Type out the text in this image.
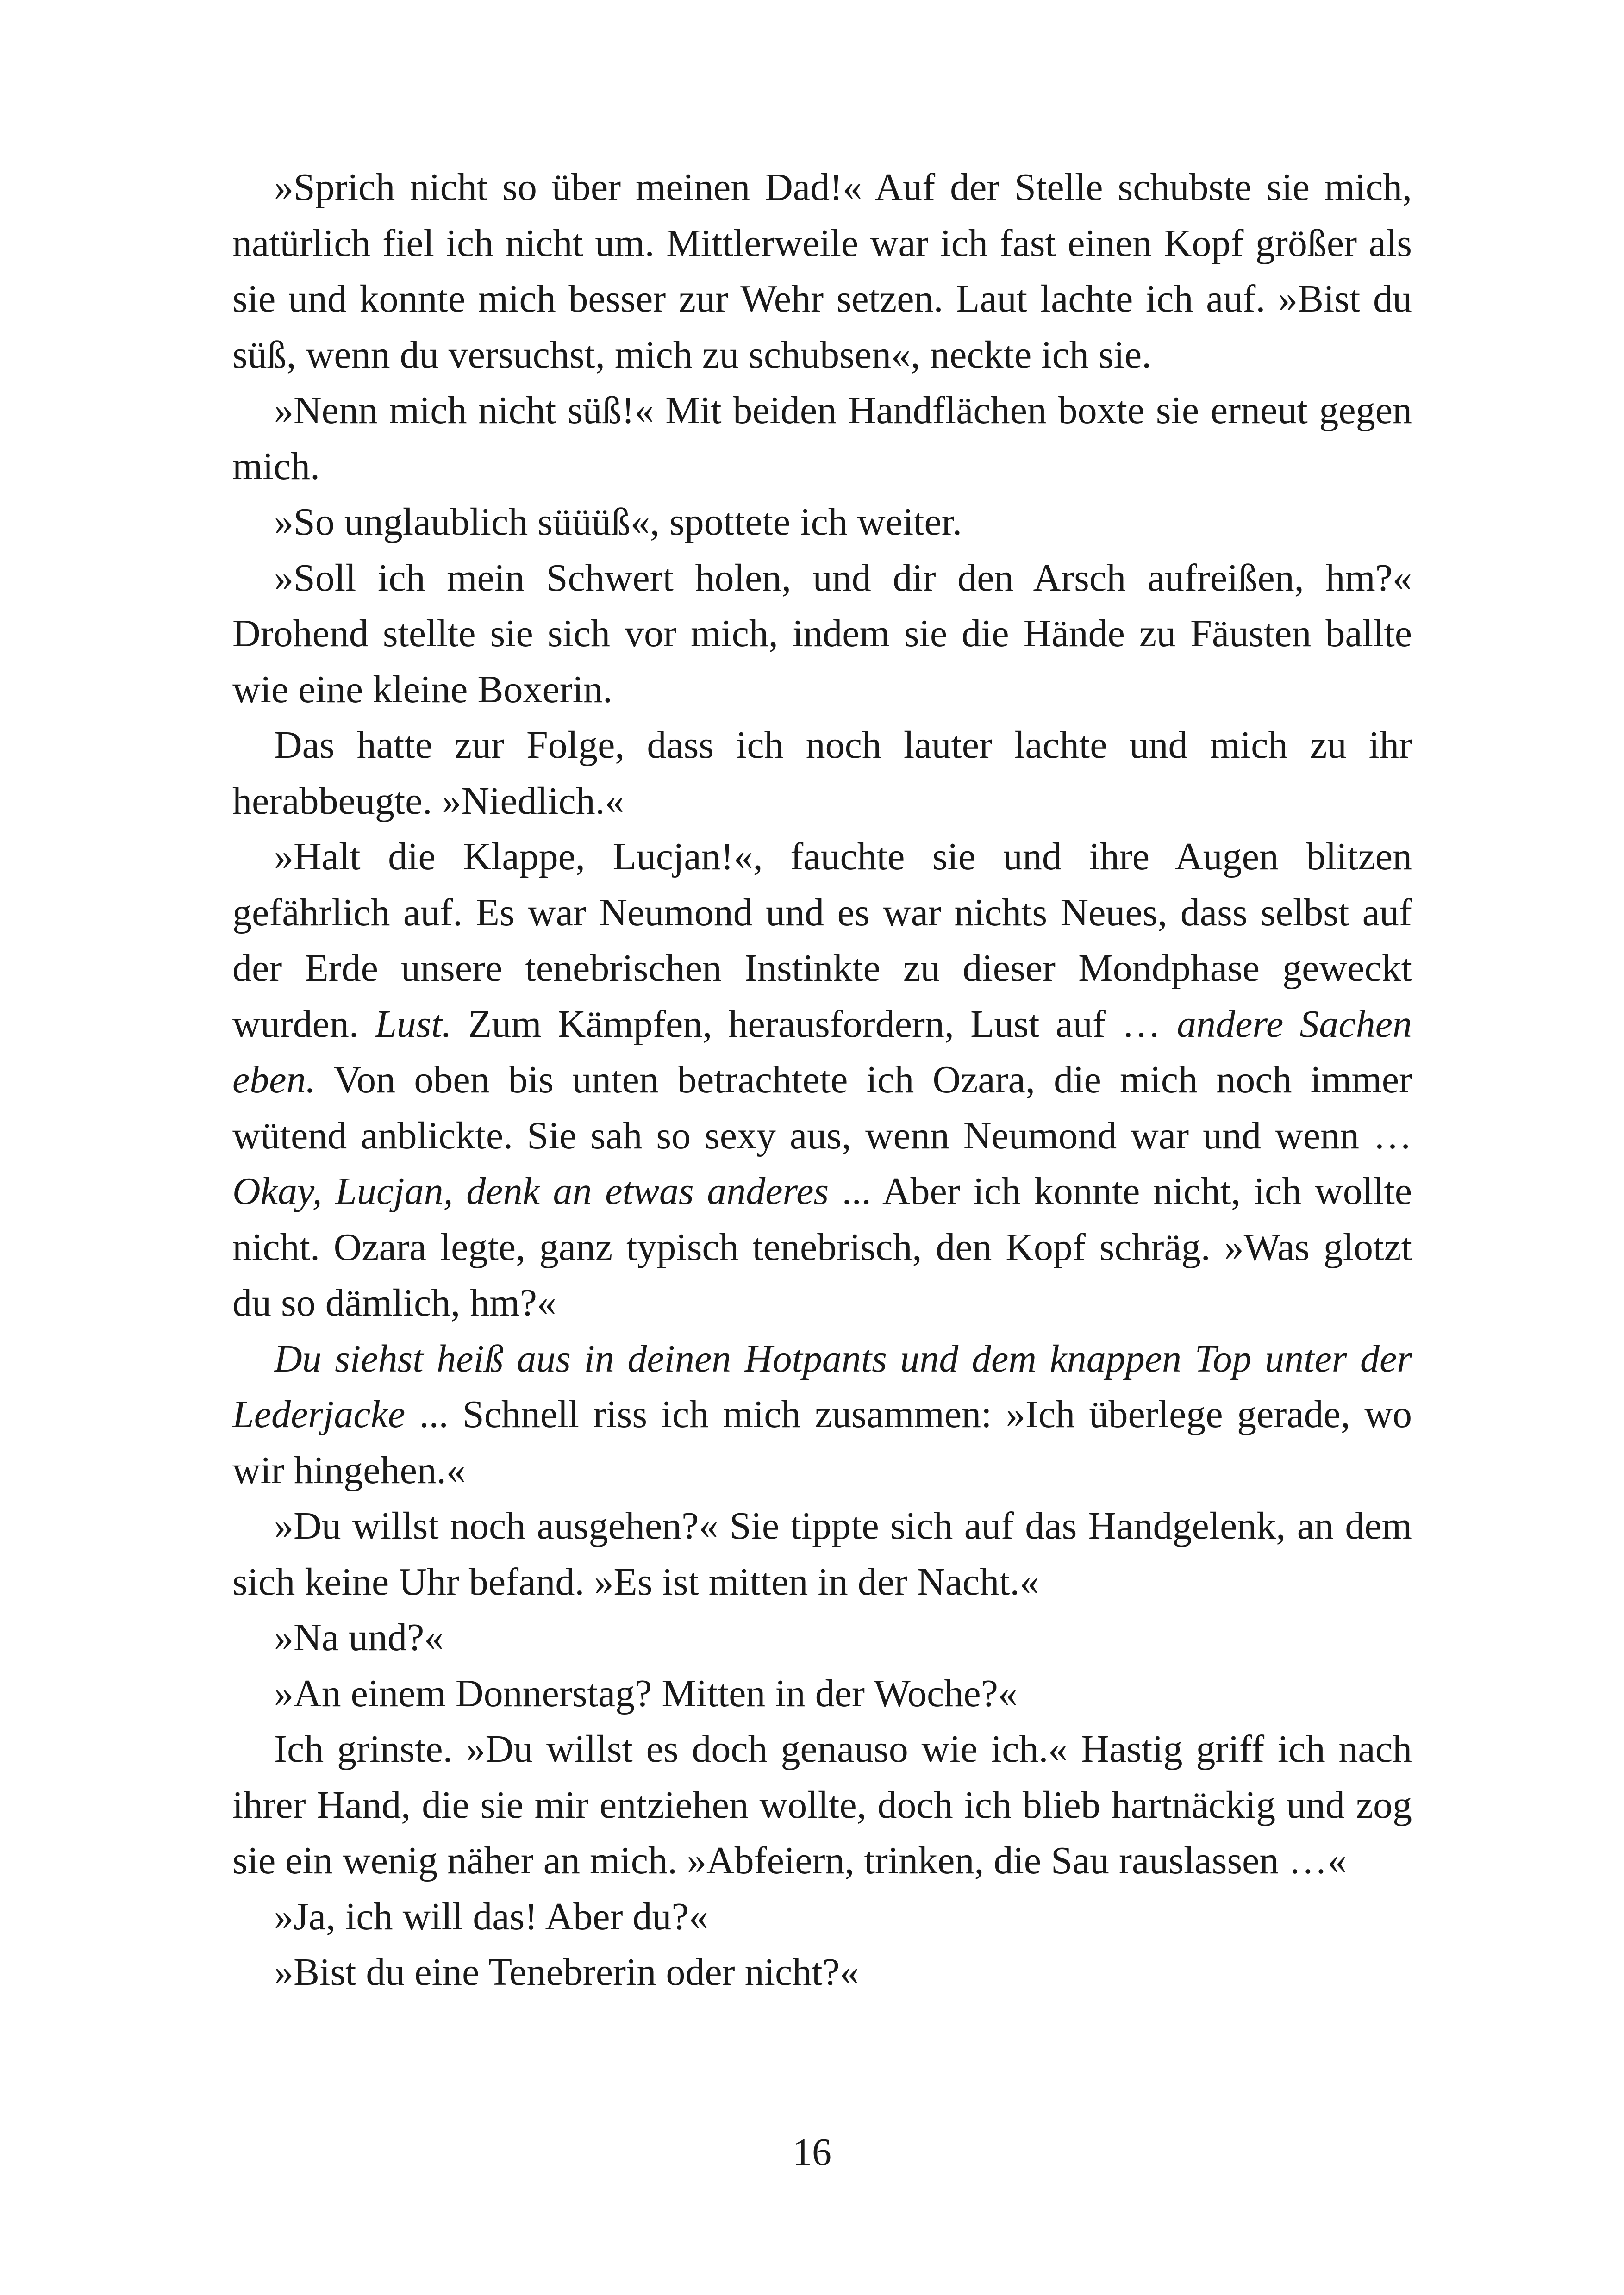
»Sprich nicht so über meinen Dad!« Auf der Stelle schubste sie mich, natürlich fiel ich nicht um. Mittlerweile war ich fast einen Kopf größer als sie und konnte mich besser zur Wehr setzen. Laut lachte ich auf. »Bist du süß, wenn du versuchst, mich zu schubsen«, neckte ich sie.

»Nenn mich nicht süß!« Mit beiden Handflächen boxte sie erneut gegen mich.

»So unglaublich süüüß«, spottete ich weiter.

»Soll ich mein Schwert holen, und dir den Arsch aufreißen, hm?« Drohend stellte sie sich vor mich, indem sie die Hände zu Fäusten ballte wie eine kleine Boxerin.

Das hatte zur Folge, dass ich noch lauter lachte und mich zu ihr herabbeugte. »Niedlich.«

»Halt die Klappe, Lucjan!«, fauchte sie und ihre Augen blitzen gefährlich auf. Es war Neumond und es war nichts Neues, dass selbst auf der Erde unsere tenebrischen Instinkte zu dieser Mondphase geweckt wurden. Lust. Zum Kämpfen, herausfordern, Lust auf … andere Sachen eben. Von oben bis unten betrachtete ich Ozara, die mich noch immer wütend anblickte. Sie sah so sexy aus, wenn Neumond war und wenn … Okay, Lucjan, denk an etwas anderes ... Aber ich konnte nicht, ich wollte nicht. Ozara legte, ganz typisch tenebrisch, den Kopf schräg. »Was glotzt du so dämlich, hm?«

Du siehst heiß aus in deinen Hotpants und dem knappen Top unter der Lederjacke ... Schnell riss ich mich zusammen: »Ich überlege gerade, wo wir hingehen.«

»Du willst noch ausgehen?« Sie tippte sich auf das Handgelenk, an dem sich keine Uhr befand. »Es ist mitten in der Nacht.«

»Na und?«

»An einem Donnerstag? Mitten in der Woche?«

Ich grinste. »Du willst es doch genauso wie ich.« Hastig griff ich nach ihrer Hand, die sie mir entziehen wollte, doch ich blieb hartnäckig und zog sie ein wenig näher an mich. »Abfeiern, trinken, die Sau rauslassen …«

»Ja, ich will das! Aber du?«

»Bist du eine Tenebrerin oder nicht?«

16
